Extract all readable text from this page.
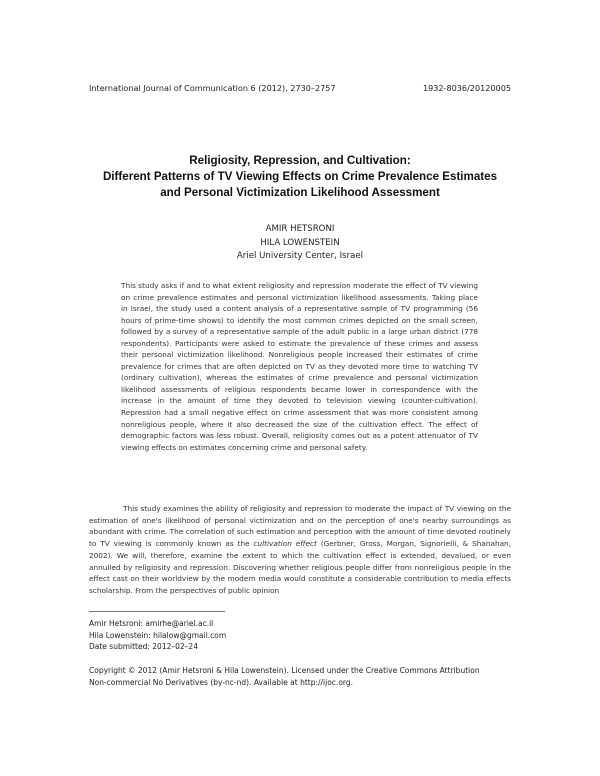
International Journal of Communication 6 (2012), 2730–2757	1932-8036/20120005
Religiosity, Repression, and Cultivation:
Different Patterns of TV Viewing Effects on Crime Prevalence Estimates
and Personal Victimization Likelihood Assessment
AMIR HETSRONI
HILA LOWENSTEIN
Ariel University Center, Israel

This study asks if and to what extent religiosity and repression moderate the effect of TV viewing on crime prevalence estimates and personal victimization likelihood assessments. Taking place in Israel, the study used a content analysis of a representative sample of TV programming (56 hours of prime-time shows) to identify the most common crimes depicted on the small screen, followed by a survey of a representative sample of the adult public in a large urban district (778 respondents). Participants were asked to estimate the prevalence of these crimes and assess their personal victimization likelihood. Nonreligious people increased their estimates of crime prevalence for crimes that are often depicted on TV as they devoted more time to watching TV (ordinary cultivation), whereas the estimates of crime prevalence and personal victimization likelihood assessments of religious respondents became lower in correspondence with the increase in the amount of time they devoted to television viewing (counter-cultivation). Repression had a small negative effect on crime assessment that was more consistent among nonreligious people, where it also decreased the size of the cultivation effect. The effect of demographic factors was less robust. Overall, religiosity comes out as a potent attenuator of TV viewing effects on estimates concerning crime and personal safety.

This study examines the ability of religiosity and repression to moderate the impact of TV viewing on the estimation of one's likelihood of personal victimization and on the perception of one's nearby surroundings as abundant with crime. The correlation of such estimation and perception with the amount of time devoted routinely to TV viewing is commonly known as the cultivation effect (Gerbner, Gross, Morgan, Signorielli, & Shanahan, 2002). We will, therefore, examine the extent to which the cultivation effect is extended, devalued, or even annulled by religiosity and repression. Discovering whether religious people differ from nonreligious people in the effect cast on their worldview by the modern media would constitute a considerable contribution to media effects scholarship. From the perspectives of public opinion

Amir Hetsroni: amirhe@ariel.ac.il
Hila Lowenstein: hilalow@gmail.com
Date submitted: 2012–02–24
Copyright © 2012 (Amir Hetsroni & Hila Lowenstein). Licensed under the Creative Commons Attribution
Non-commercial No Derivatives (by-nc-nd). Available at http://ijoc.org.
